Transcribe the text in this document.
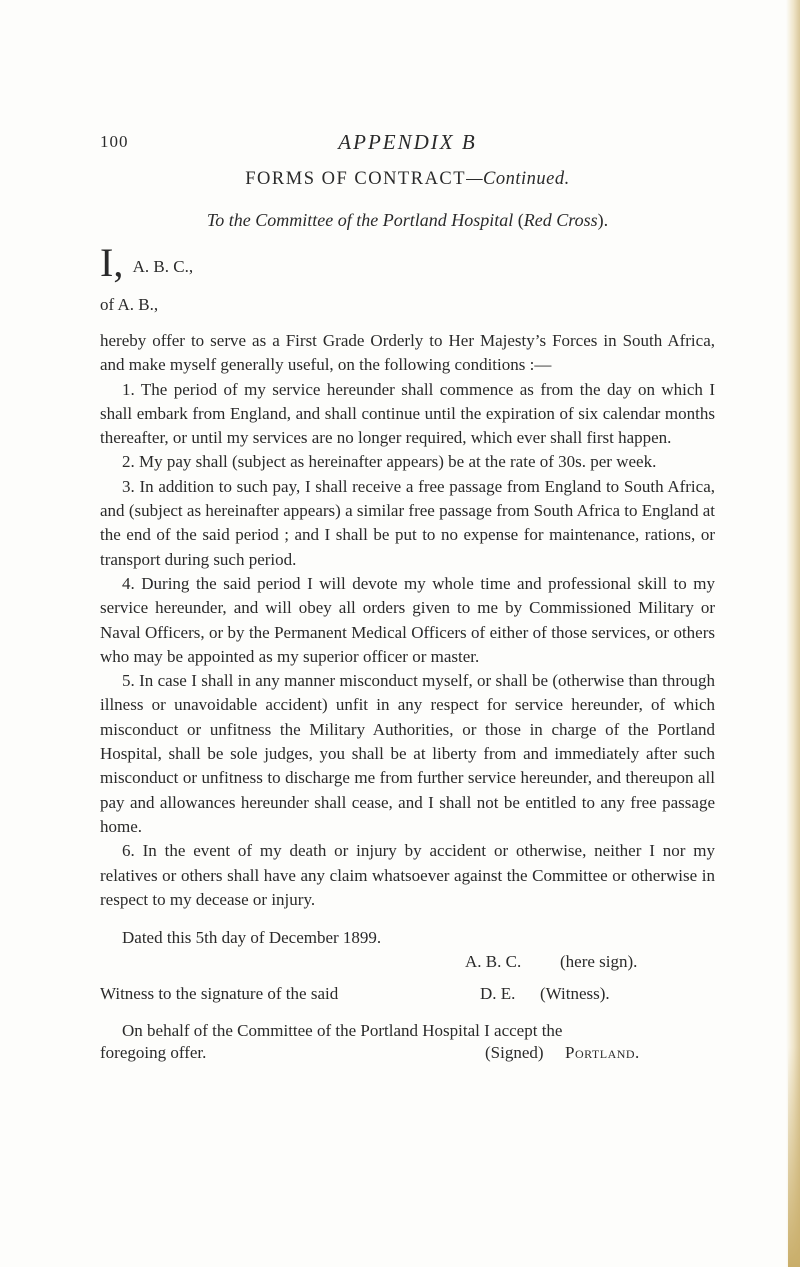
100	APPENDIX B
FORMS OF CONTRACT—Continued.
To the Committee of the Portland Hospital (Red Cross).
I, A. B. C.,
of A. B.,

hereby offer to serve as a First Grade Orderly to Her Majesty’s Forces in South Africa, and make myself generally useful, on the following conditions :—

1. The period of my service hereunder shall commence as from the day on which I shall embark from England, and shall continue until the expiration of six calendar months thereafter, or until my services are no longer required, which ever shall first happen.

2. My pay shall (subject as hereinafter appears) be at the rate of 30s. per week.

3. In addition to such pay, I shall receive a free passage from England to South Africa, and (subject as hereinafter appears) a similar free passage from South Africa to England at the end of the said period ; and I shall be put to no expense for maintenance, rations, or transport during such period.

4. During the said period I will devote my whole time and professional skill to my service hereunder, and will obey all orders given to me by Commissioned Military or Naval Officers, or by the Permanent Medical Officers of either of those services, or others who may be appointed as my superior officer or master.

5. In case I shall in any manner misconduct myself, or shall be (otherwise than through illness or unavoidable accident) unfit in any respect for service hereunder, of which misconduct or unfitness the Military Authorities, or those in charge of the Portland Hospital, shall be sole judges, you shall be at liberty from and immediately after such misconduct or unfitness to discharge me from further service hereunder, and thereupon all pay and allowances hereunder shall cease, and I shall not be entitled to any free passage home.

6. In the event of my death or injury by accident or otherwise, neither I nor my relatives or others shall have any claim whatsoever against the Committee or otherwise in respect to my decease or injury.

Dated this 5th day of December 1899.
A. B. C. (here sign).
Witness to the signature of the said	D. E. (Witness).
On behalf of the Committee of the Portland Hospital I accept the
foregoing offer.	(Signed) Portland.
